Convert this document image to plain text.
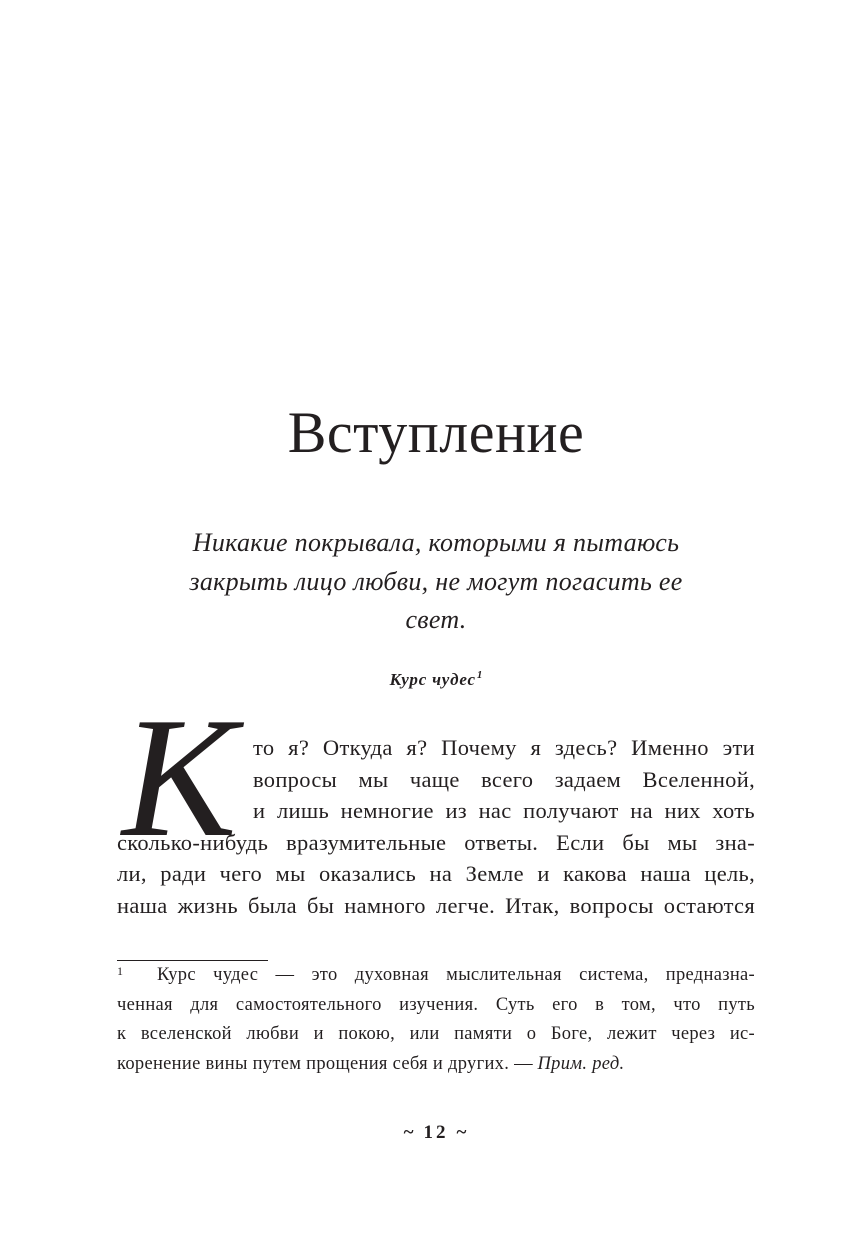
Вступление
Никакие покрывала, которыми я пытаюсь
закрыть лицо любви, не могут погасить ее
свет.
Курс чудес$^1$
К то я? Откуда я? Почему я здесь? Именно эти
вопросы мы чаще всего задаем Вселенной,
и лишь немногие из нас получают на них хоть
сколько-нибудь вразумительные ответы. Если бы мы зна-
ли, ради чего мы оказались на Земле и какова наша цель,
наша жизнь была бы намного легче. Итак, вопросы остаются
1 Курс чудес — это духовная мыслительная система, предназна-
ченная для самостоятельного изучения. Суть его в том, что путь
к вселенской любви и покою, или памяти о Боге, лежит через ис-
коренение вины путем прощения себя и других. — Прим. ред.
~ 12 ~
